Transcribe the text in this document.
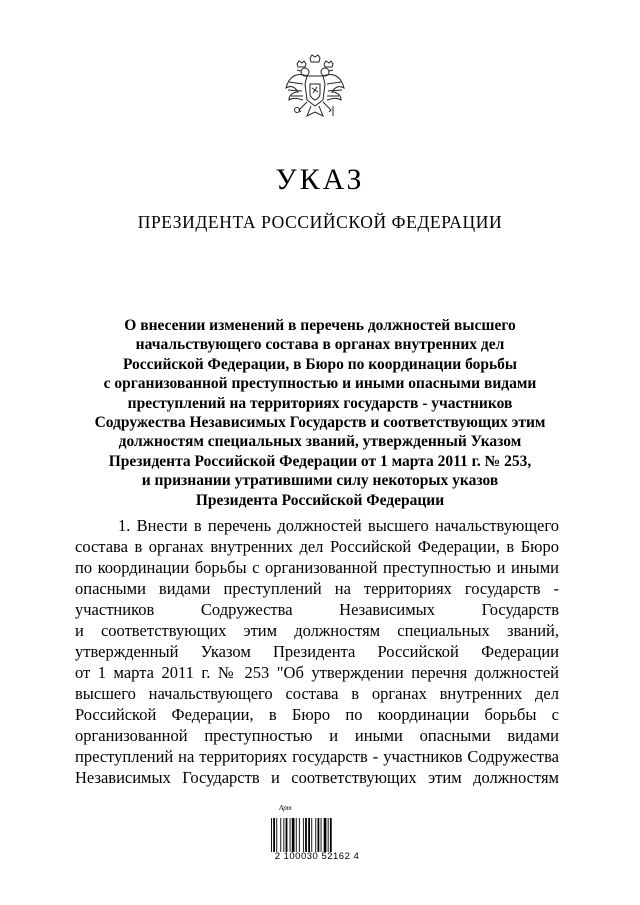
УКАЗ
ПРЕЗИДЕНТА РОССИЙСКОЙ ФЕДЕРАЦИИ
О внесении изменений в перечень должностей высшего
начальствующего состава в органах внутренних дел
Российской Федерации, в Бюро по координации борьбы
с организованной преступностью и иными опасными видами
преступлений на территориях государств - участников
Содружества Независимых Государств и соответствующих этим
должностям специальных званий, утвержденный Указом
Президента Российской Федерации от 1 марта 2011 г. № 253,
и признании утратившими силу некоторых указов
Президента Российской Федерации
1. Внести в перечень должностей высшего начальствующего
состава в органах внутренних дел Российской Федерации, в Бюро
по координации борьбы с организованной преступностью и иными
опасными видами преступлений на территориях государств -
участников Содружества Независимых Государств
и соответствующих этим должностям специальных званий,
утвержденный Указом Президента Российской Федерации
от 1 марта 2011 г. № 253 "Об утверждении перечня должностей
высшего начальствующего состава в органах внутренних дел
Российской Федерации, в Бюро по координации борьбы с
организованной преступностью и иными опасными видами
преступлений на территориях государств - участников Содружества
Независимых Государств и соответствующих этим должностям
Арт
2 100030 52162 4
